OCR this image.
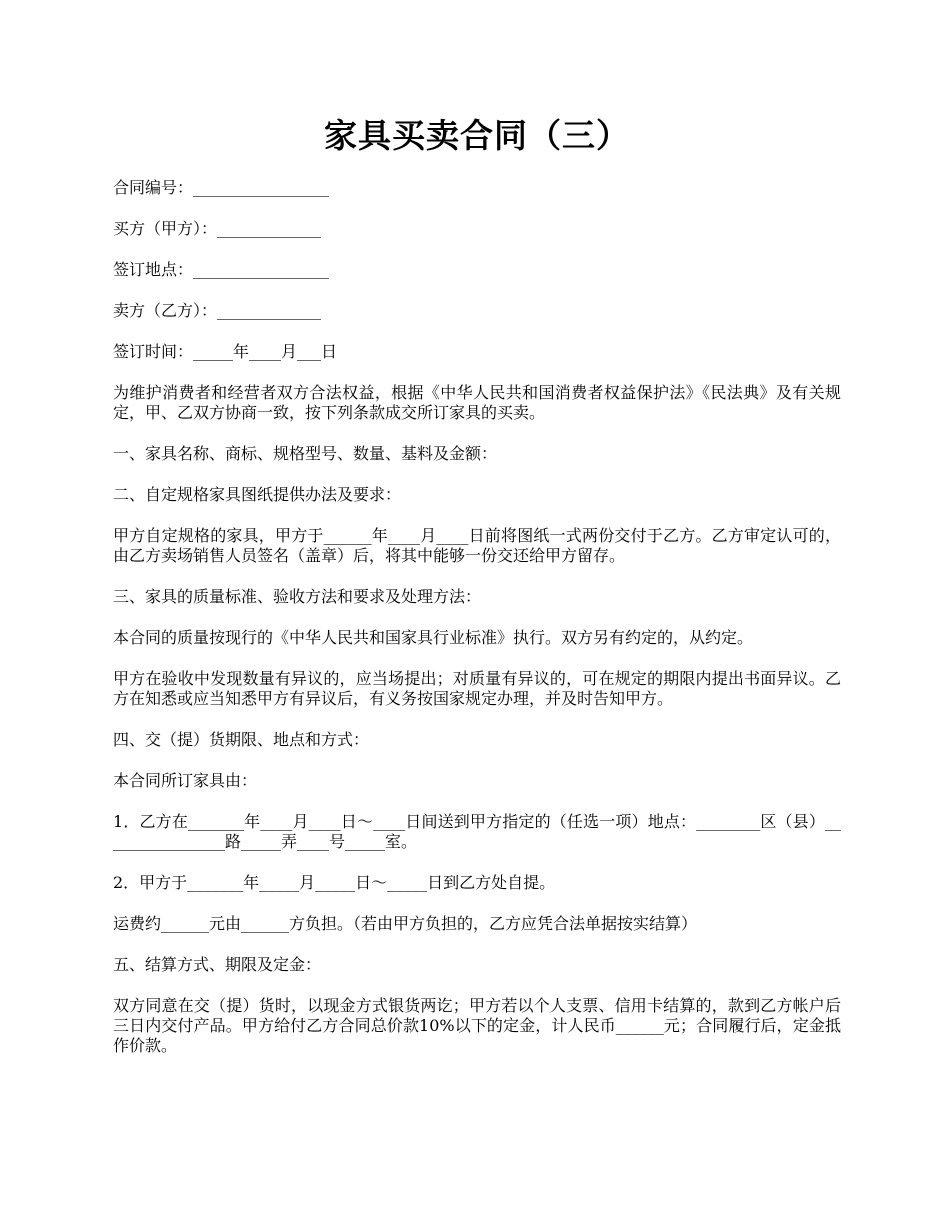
家具买卖合同（三）
合同编号：_________________
买方（甲方）：_____________
签订地点：_________________
卖方（乙方）：_____________
签订时间：_____年____月___日
为维护消费者和经营者双方合法权益，根据《中华人民共和国消费者权益保护法》《民法典》及有关规定，甲、乙双方协商一致，按下列条款成交所订家具的买卖。
一、家具名称、商标、规格型号、数量、基料及金额：
二、自定规格家具图纸提供办法及要求：
甲方自定规格的家具，甲方于______年____月____日前将图纸一式两份交付于乙方。乙方审定认可的，由乙方卖场销售人员签名（盖章）后，将其中能够一份交还给甲方留存。
三、家具的质量标准、验收方法和要求及处理方法：
本合同的质量按现行的《中华人民共和国家具行业标准》执行。双方另有约定的，从约定。
甲方在验收中发现数量有异议的，应当场提出；对质量有异议的，可在规定的期限内提出书面异议。乙方在知悉或应当知悉甲方有异议后，有义务按国家规定办理，并及时告知甲方。
四、交（提）货期限、地点和方式：
本合同所订家具由：
1．乙方在_______年____月____日～____日间送到甲方指定的（任选一项）地点：________区（县）________________路_____弄____号_____室。
2．甲方于_______年_____月_____日～_____日到乙方处自提。
运费约______元由______方负担。（若由甲方负担的，乙方应凭合法单据按实结算）
五、结算方式、期限及定金：
双方同意在交（提）货时，以现金方式银货两讫；甲方若以个人支票、信用卡结算的，款到乙方帐户后三日内交付产品。甲方给付乙方合同总价款10%以下的定金，计人民币______元；合同履行后，定金抵作价款。
